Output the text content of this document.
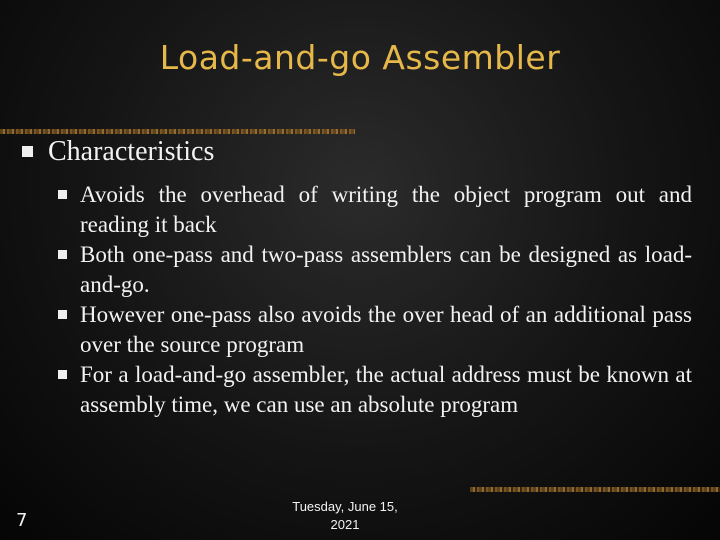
Load-and-go Assembler
Characteristics
Avoids the overhead of writing the object program out and reading it back
Both one-pass and two-pass assemblers can be designed as load-and-go.
However one-pass also avoids the over head of an additional pass over the source program
For a load-and-go assembler, the actual address must be known at assembly time, we can use an absolute program
7
Tuesday, June 15,
2021
